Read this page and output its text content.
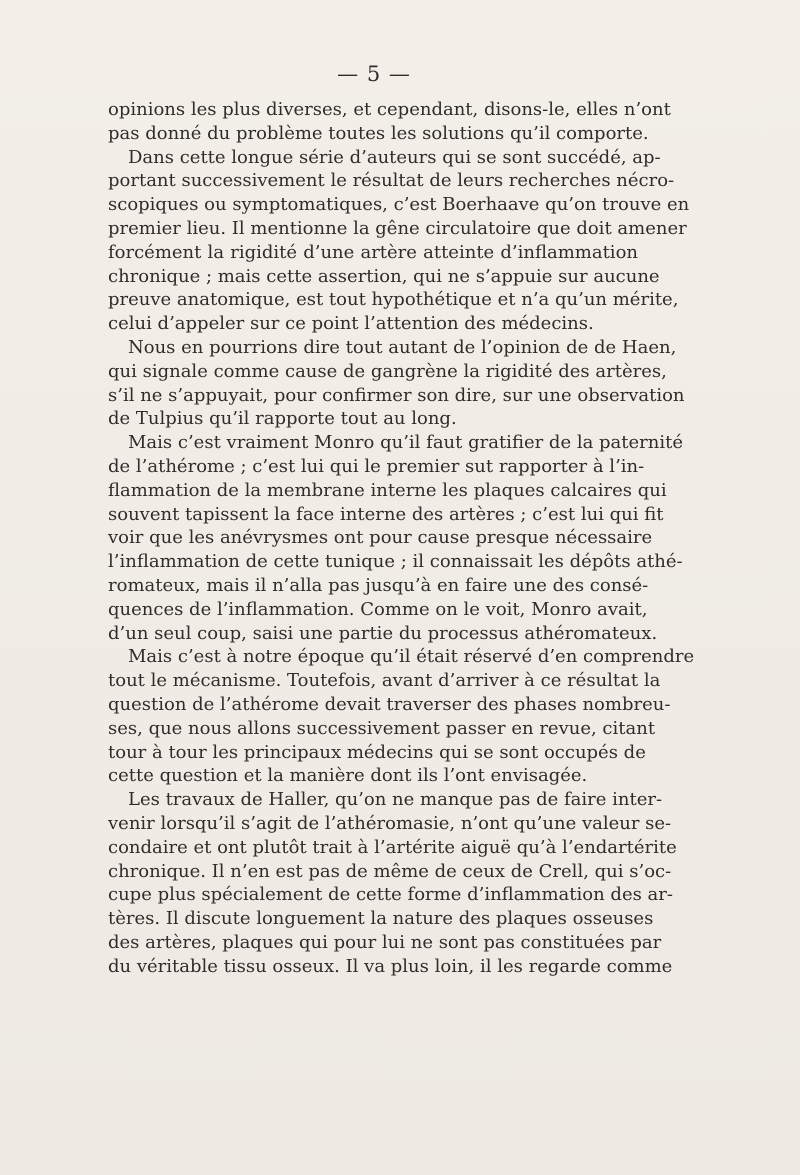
— 5 —
opinions les plus diverses, et cependant, disons-le, elles n’ont
pas donné du problème toutes les solutions qu’il comporte.
Dans cette longue série d’auteurs qui se sont succédé, ap-
portant successivement le résultat de leurs recherches nécro-
scopiques ou symptomatiques, c’est Boerhaave qu’on trouve en
premier lieu. Il mentionne la gêne circulatoire que doit amener
forcément la rigidité d’une artère atteinte d’inflammation
chronique ; mais cette assertion, qui ne s’appuie sur aucune
preuve anatomique, est tout hypothétique et n’a qu’un mérite,
celui d’appeler sur ce point l’attention des médecins.
Nous en pourrions dire tout autant de l’opinion de de Haen,
qui signale comme cause de gangrène la rigidité des artères,
s’il ne s’appuyait, pour confirmer son dire, sur une observation
de Tulpius qu’il rapporte tout au long.
Mais c’est vraiment Monro qu’il faut gratifier de la paternité
de l’athérome ; c’est lui qui le premier sut rapporter à l’in-
flammation de la membrane interne les plaques calcaires qui
souvent tapissent la face interne des artères ; c’est lui qui fit
voir que les anévrysmes ont pour cause presque nécessaire
l’inflammation de cette tunique ; il connaissait les dépôts athé-
romateux, mais il n’alla pas jusqu’à en faire une des consé-
quences de l’inflammation. Comme on le voit, Monro avait,
d’un seul coup, saisi une partie du processus athéromateux.
Mais c’est à notre époque qu’il était réservé d’en comprendre
tout le mécanisme. Toutefois, avant d’arriver à ce résultat la
question de l’athérome devait traverser des phases nombreu-
ses, que nous allons successivement passer en revue, citant
tour à tour les principaux médecins qui se sont occupés de
cette question et la manière dont ils l’ont envisagée.
Les travaux de Haller, qu’on ne manque pas de faire inter-
venir lorsqu’il s’agit de l’athéromasie, n’ont qu’une valeur se-
condaire et ont plutôt trait à l’artérite aiguë qu’à l’endartérite
chronique. Il n’en est pas de même de ceux de Crell, qui s’oc-
cupe plus spécialement de cette forme d’inflammation des ar-
tères. Il discute longuement la nature des plaques osseuses
des artères, plaques qui pour lui ne sont pas constituées par
du véritable tissu osseux. Il va plus loin, il les regarde comme
